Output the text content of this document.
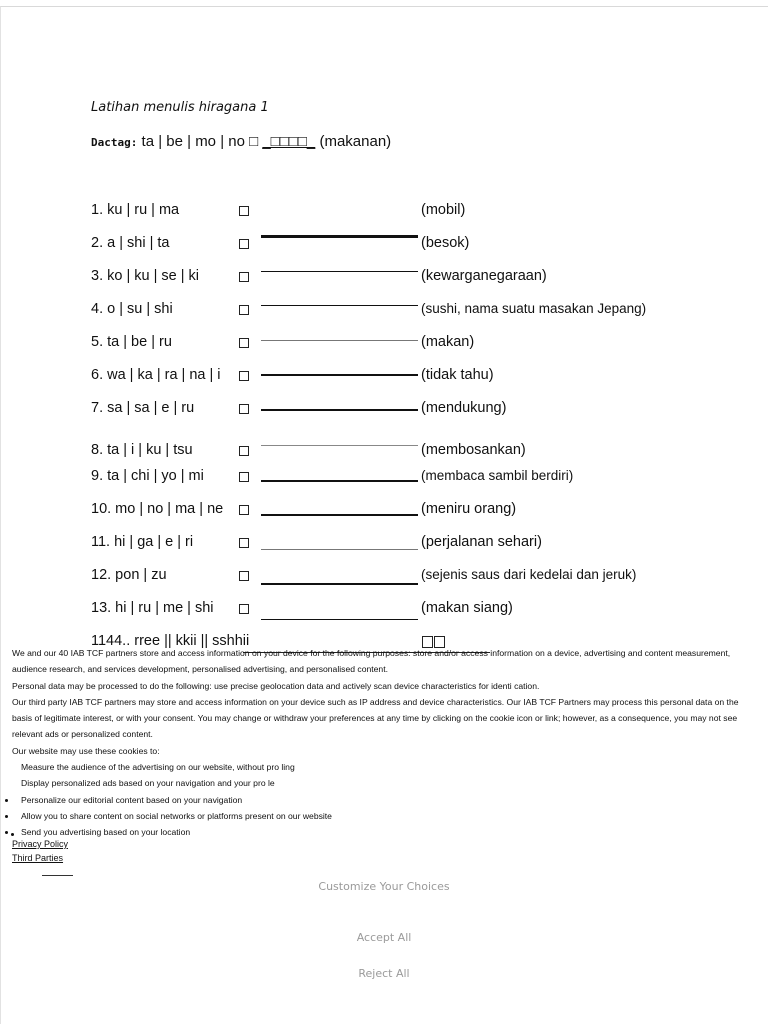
Latihan menulis hiragana 1
Dactag: ta | be | mo | no □ _□□□□_ (makanan)
1. ku | ru | ma	(mobil)
2. a | shi | ta	(besok)
3. ko | ku | se | ki	(kewarganegaraan)
4. o | su | shi	(sushi, nama suatu masakan Jepang)
5. ta | be | ru	(makan)
6. wa | ka | ra | na | i	(tidak tahu)
7. sa | sa | e | ru	(mendukung)
8. ta | i | ku | tsu	(membosankan)
9. ta | chi | yo | mi	(membaca sambil berdiri)
10. mo | no | ma | ne	(meniru orang)
11. hi | ga | e | ri	(perjalanan sehari)
12. pon | zu	(sejenis saus dari kedelai dan jeruk)
13. hi | ru | me | shi	(makan siang)
1144.. rree || kkii || sshhii

We and our 40 IAB TCF partners store and access information on your device for the following purposes: store and/or access information on a device, advertising and content measurement, audience research, and services development, personalised advertising, and personalised content.

Personal data may be processed to do the following: use precise geolocation data and actively scan device characteristics for identi cation.

Our third party IAB TCF partners may store and access information on your device such as IP address and device characteristics. Our IAB TCF Partners may process this personal data on the basis of legitimate interest, or with your consent. You may change or withdraw your preferences at any time by clicking on the cookie icon or link; however, as a consequence, you may not see relevant ads or personalized content.

Our website may use these cookies to:

Measure the audience of the advertising on our website, without pro ling

Display personalized ads based on your navigation and your pro le

Personalize our editorial content based on your navigation

Allow you to share content on social networks or platforms present on our website

Send you advertising based on your location

Privacy Policy
Third Parties
Customize Your Choices
Accept All
Reject All
